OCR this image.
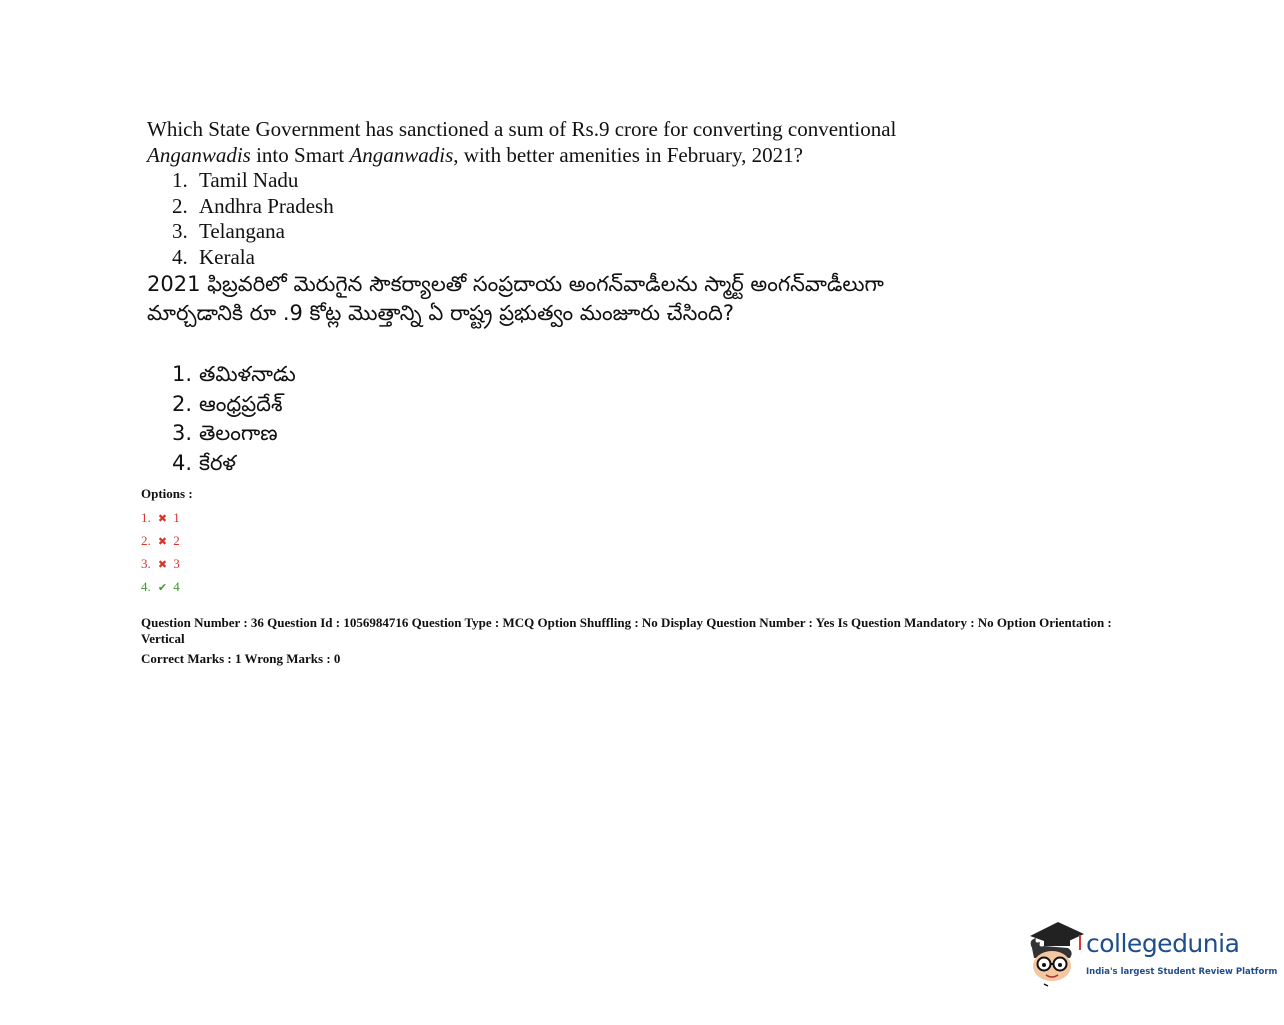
Which State Government has sanctioned a sum of Rs.9 crore for converting conventional
Anganwadis into Smart Anganwadis, with better amenities in February, 2021?
1. Tamil Nadu
2. Andhra Pradesh
3. Telangana
4. Kerala
2021 ఫిబ్రవరిలో మెరుగైన సౌకర్యాలతో సంప్రదాయ అంగన్‌వాడీలను స్మార్ట్ అంగన్‌వాడీలుగా మార్చడానికి రూ .9 కోట్ల మొత్తాన్ని ఏ రాష్ట్ర ప్రభుత్వం మంజూరు చేసింది?
1. తమిళనాడు
2. ఆంధ్రప్రదేశ్
3. తెలంగాణ
4. కేరళ
Options :
1. ✖ 1
2. ✖ 2
3. ✖ 3
4. ✔ 4
Question Number : 36 Question Id : 1056984716 Question Type : MCQ Option Shuffling : No Display Question Number : Yes Is Question Mandatory : No Option Orientation : Vertical
Correct Marks : 1 Wrong Marks : 0
collegedunia
India's largest Student Review Platform
